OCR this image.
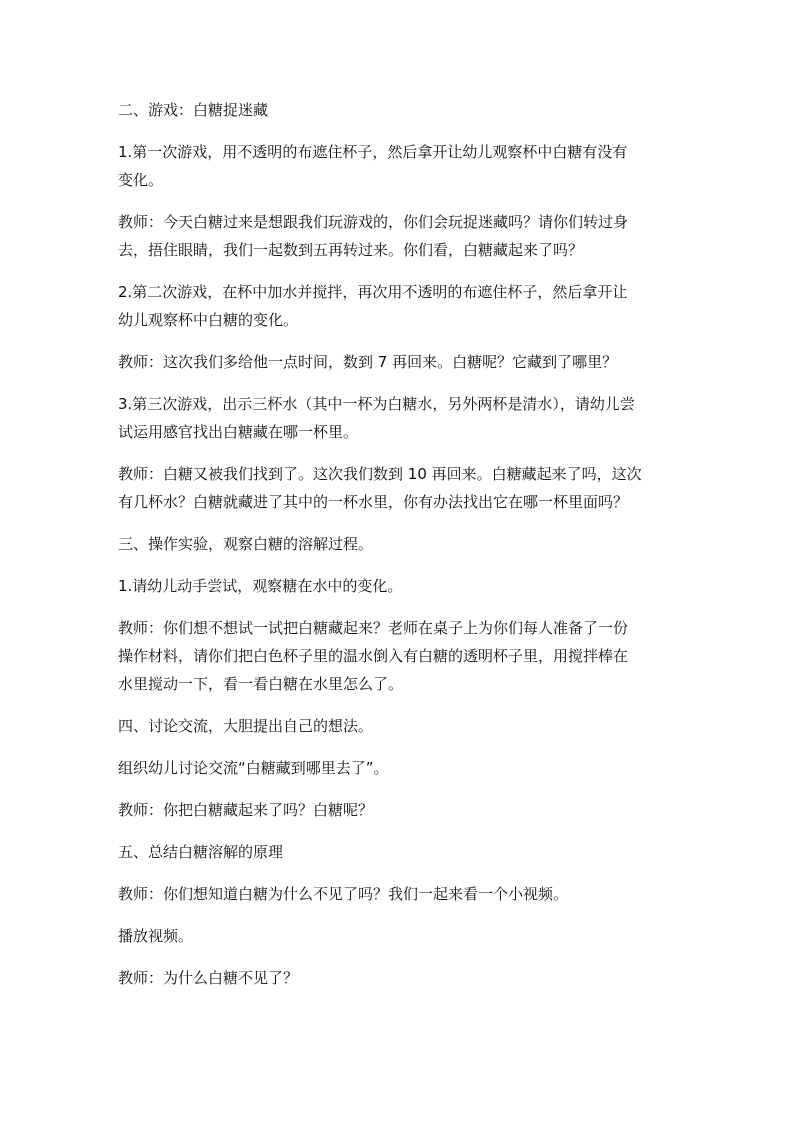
二、游戏：白糖捉迷藏

1.第一次游戏，用不透明的布遮住杯子，然后拿开让幼儿观察杯中白糖有没有
变化。

教师：今天白糖过来是想跟我们玩游戏的，你们会玩捉迷藏吗？请你们转过身
去，捂住眼睛，我们一起数到五再转过来。你们看，白糖藏起来了吗？

2.第二次游戏，在杯中加水并搅拌，再次用不透明的布遮住杯子，然后拿开让
幼儿观察杯中白糖的变化。

教师：这次我们多给他一点时间，数到 7 再回来。白糖呢？它藏到了哪里？

3.第三次游戏，出示三杯水（其中一杯为白糖水，另外两杯是清水），请幼儿尝
试运用感官找出白糖藏在哪一杯里。

教师：白糖又被我们找到了。这次我们数到 10 再回来。白糖藏起来了吗，这次
有几杯水？白糖就藏进了其中的一杯水里，你有办法找出它在哪一杯里面吗？

三、操作实验，观察白糖的溶解过程。

1.请幼儿动手尝试，观察糖在水中的变化。

教师：你们想不想试一试把白糖藏起来？老师在桌子上为你们每人准备了一份
操作材料，请你们把白色杯子里的温水倒入有白糖的透明杯子里，用搅拌棒在
水里搅动一下，看一看白糖在水里怎么了。

四、讨论交流，大胆提出自己的想法。

组织幼儿讨论交流“白糖藏到哪里去了”。

教师：你把白糖藏起来了吗？白糖呢？

五、总结白糖溶解的原理

教师：你们想知道白糖为什么不见了吗？我们一起来看一个小视频。

播放视频。

教师：为什么白糖不见了？
